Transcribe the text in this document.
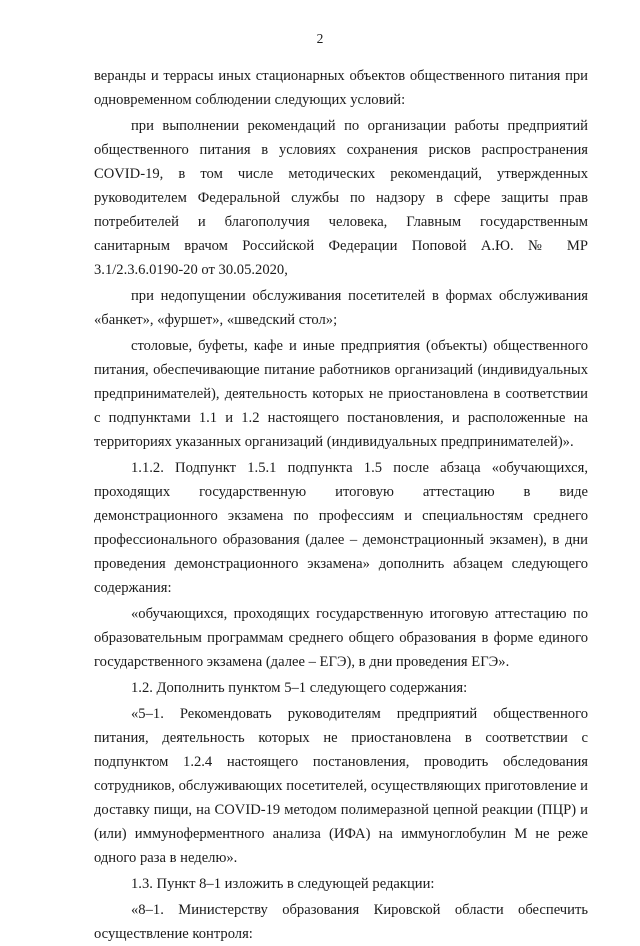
2

веранды и террасы иных стационарных объектов общественного питания при одновременном соблюдении следующих условий:

при выполнении рекомендаций по организации работы предприятий общественного питания в условиях сохранения рисков распространения COVID-19, в том числе методических рекомендаций, утвержденных руководителем Федеральной службы по надзору в сфере защиты прав потребителей и благополучия человека, Главным государственным санитарным врачом Российской Федерации Поповой А.Ю. № МР 3.1/2.3.6.0190-20 от 30.05.2020,

при недопущении обслуживания посетителей в формах обслуживания «банкет», «фуршет», «шведский стол»;

столовые, буфеты, кафе и иные предприятия (объекты) общественного питания, обеспечивающие питание работников организаций (индивидуальных предпринимателей), деятельность которых не приостановлена в соответствии с подпунктами 1.1 и 1.2 настоящего постановления, и расположенные на территориях указанных организаций (индивидуальных предпринимателей)».

1.1.2. Подпункт 1.5.1 подпункта 1.5 после абзаца «обучающихся, проходящих государственную итоговую аттестацию в виде демонстрационного экзамена по профессиям и специальностям среднего профессионального образования (далее – демонстрационный экзамен), в дни проведения демонстрационного экзамена» дополнить абзацем следующего содержания:

«обучающихся, проходящих государственную итоговую аттестацию по образовательным программам среднего общего образования в форме единого государственного экзамена (далее – ЕГЭ), в дни проведения ЕГЭ».

1.2. Дополнить пунктом 5–1 следующего содержания:

«5–1. Рекомендовать руководителям предприятий общественного питания, деятельность которых не приостановлена в соответствии с подпунктом 1.2.4 настоящего постановления, проводить обследования сотрудников, обслуживающих посетителей, осуществляющих приготовление и доставку пищи, на COVID-19 методом полимеразной цепной реакции (ПЦР) и (или) иммуноферментного анализа (ИФА) на иммуноглобулин М не реже одного раза в неделю».

1.3. Пункт 8–1 изложить в следующей редакции:

«8–1. Министерству образования Кировской области обеспечить осуществление контроля:
